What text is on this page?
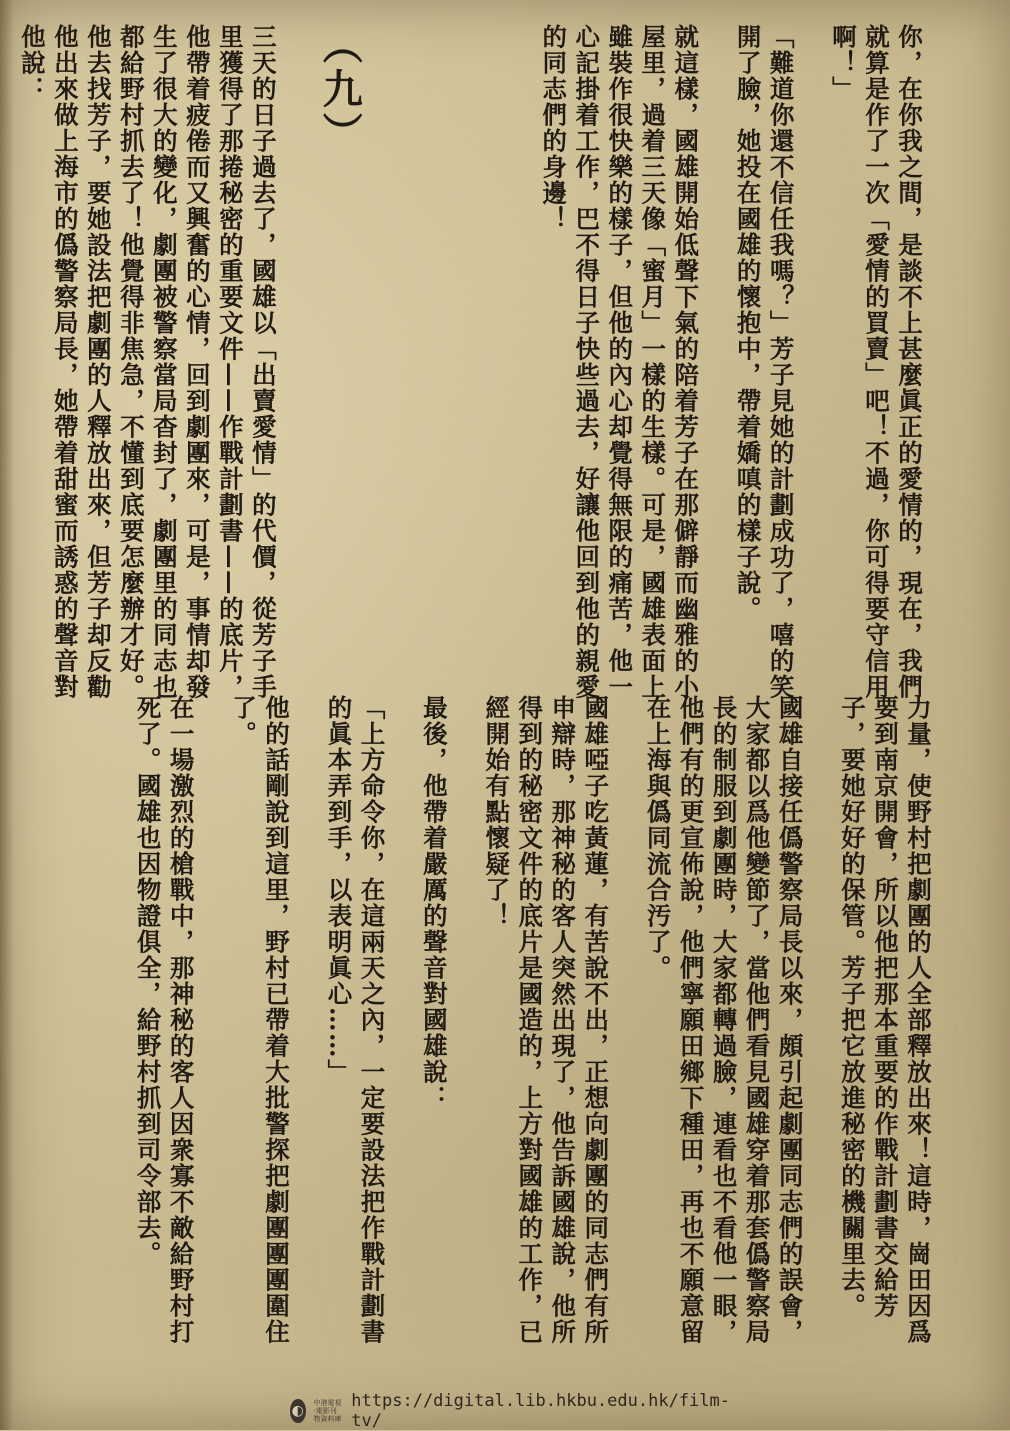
你，在你我之間，是談不上甚麼眞正的愛情的，現在，我們就算是作了一次「愛情的買賣」吧！不過，你可得要守信用啊！」
「難道你還不信任我嗎？」芳子見她的計劃成功了，嘻的笑開了臉，她投在國雄的懷抱中，帶着嬌嗔的樣子說。
就這樣，國雄開始低聲下氣的陪着芳子在那僻靜而幽雅的小屋里，過着三天像「蜜月」一樣的生樣。可是，國雄表面上雖裝作很快樂的樣子，但他的內心却覺得無限的痛苦，他一心記掛着工作，巴不得日子快些過去，好讓他回到他的親愛的同志們的身邊！
（九）
三天的日子過去了，國雄以「出賣愛情」的代價，從芳子手里獲得了那捲秘密的重要文件——作戰計劃書——的底片，他帶着疲倦而又興奮的心情，回到劇團來，可是，事情却發生了很大的變化，劇團被警察當局杳封了，劇團里的同志也都給野村抓去了！他覺得非焦急，不懂到底要怎麼辦才好。他去找芳子，要她設法把劇團的人釋放出來，但芳子却反勸他出來做上海市的僞警察局長，她帶着甜蜜而誘惑的聲音對他說：
力量，使野村把劇團的人全部釋放出來！這時，崗田因爲要到南京開會，所以他把那本重要的作戰計劃書交給芳子，要她好好的保管。芳子把它放進秘密的機關里去。
國雄自接任僞警察局長以來，頗引起劇團同志們的誤會，大家都以爲他變節了，當他們看見國雄穿着那套僞警察局長的制服到劇團時，大家都轉過臉，連看也不看他一眼，他們有的更宣佈說，他們寧願田鄉下種田，再也不願意留在上海與僞同流合汚了。
國雄啞子吃黃蓮，有苦說不出，正想向劇團的同志們有所申辯時，那神秘的客人突然出現了，他告訴國雄說，他所得到的秘密文件的底片是國造的，上方對國雄的工作，已經開始有點懷疑了！
最後，他帶着嚴厲的聲音對國雄說：
「上方命令你，在這兩天之內，一定要設法把作戰計劃書的眞本弄到手，以表明眞心……」
他的話剛說到這里，野村已帶着大批警探把劇團團團圍住了。
在一場激烈的槍戰中，那神秘的客人因衆寡不敵給野村打死了。國雄也因物證俱全，給野村抓到司令部去。
◐ 中港電視·電影刊物資料庫
https://digital.lib.hkbu.edu.hk/film-tv/
